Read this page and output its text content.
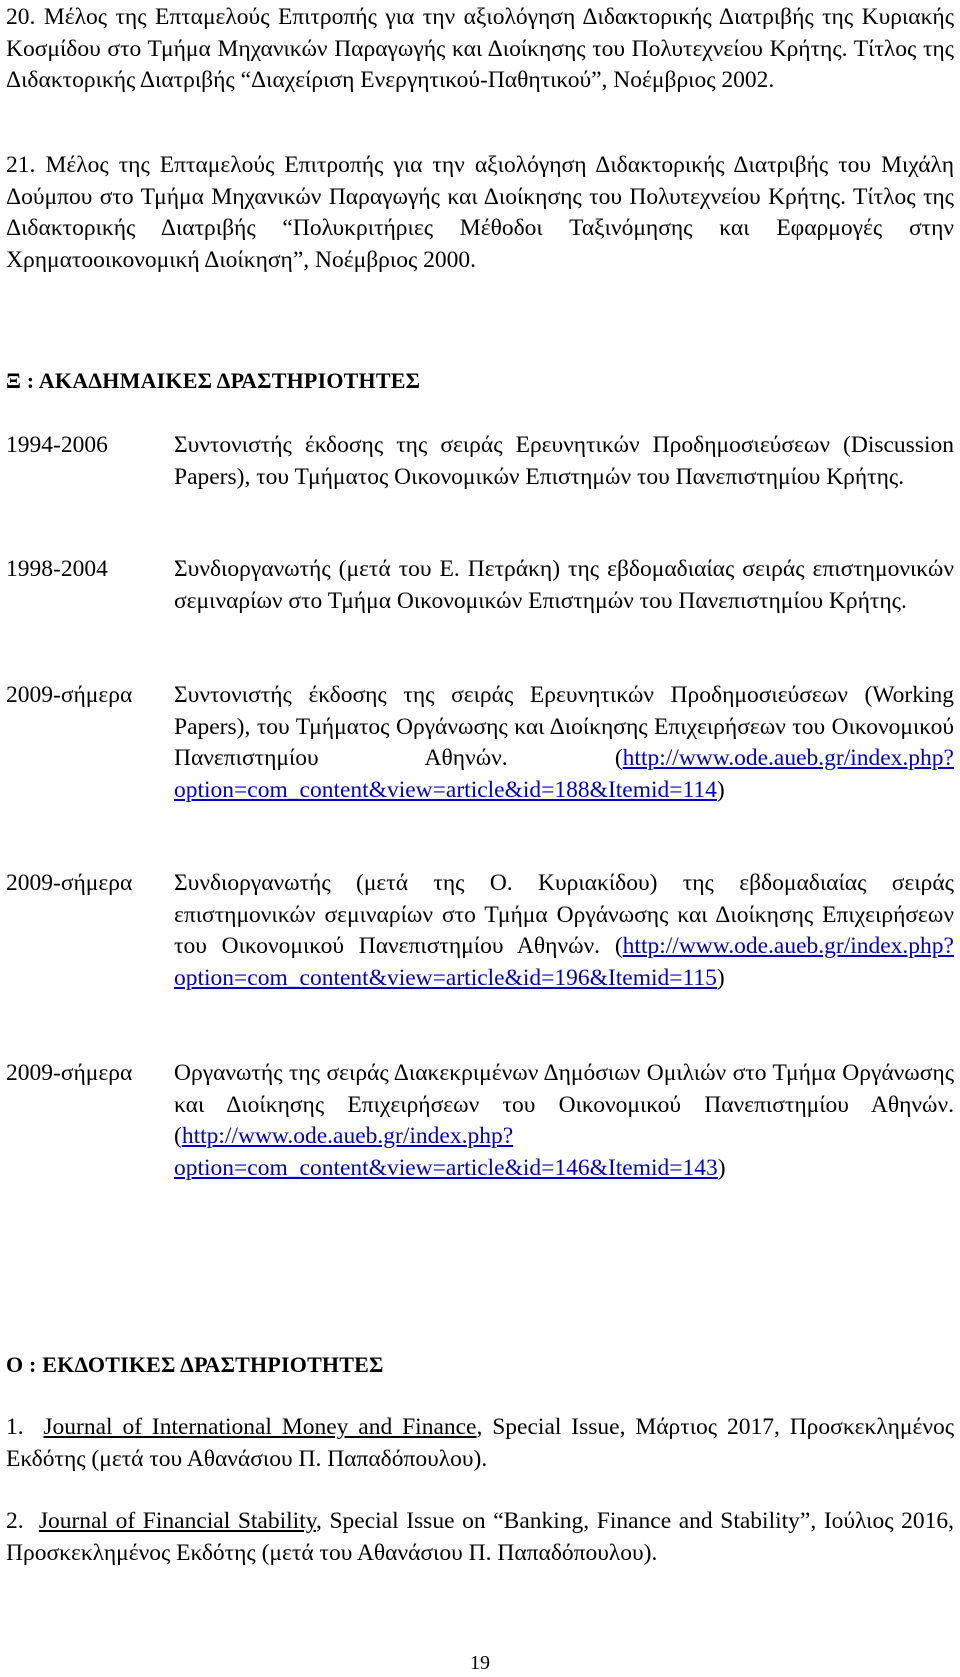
20. Μέλος της Επταμελούς Επιτροπής για την αξιολόγηση Διδακτορικής Διατριβής της Κυριακής Κοσμίδου στο Τμήμα Μηχανικών Παραγωγής και Διοίκησης του Πολυτεχνείου Κρήτης. Τίτλος της Διδακτορικής Διατριβής “Διαχείριση Ενεργητικού-Παθητικού”, Νοέμβριος 2002.
21. Μέλος της Επταμελούς Επιτροπής για την αξιολόγηση Διδακτορικής Διατριβής του Μιχάλη Δούμπου στο Τμήμα Μηχανικών Παραγωγής και Διοίκησης του Πολυτεχνείου Κρήτης. Τίτλος της Διδακτορικής Διατριβής “Πολυκριτήριες Μέθοδοι Ταξινόμησης και Εφαρμογές στην Χρηματοοικονομική Διοίκηση”, Νοέμβριος 2000.
Ξ : ΑΚΑΔΗΜΑΙΚΕΣ ΔΡΑΣΤΗΡΙΟΤΗΤΕΣ
1994-2006	Συντονιστής έκδοσης της σειράς Ερευνητικών Προδημοσιεύσεων (Discussion Papers), του Τμήματος Οικονομικών Επιστημών του Πανεπιστημίου Κρήτης.
1998-2004	Συνδιοργανωτής (μετά του Ε. Πετράκη) της εβδομαδιαίας σειράς επιστημονικών σεμιναρίων στο Τμήμα Οικονομικών Επιστημών του Πανεπιστημίου Κρήτης.
2009-σήμερα	Συντονιστής έκδοσης της σειράς Ερευνητικών Προδημοσιεύσεων (Working Papers), του Τμήματος Οργάνωσης και Διοίκησης Επιχειρήσεων του Οικονομικού Πανεπιστημίου Αθηνών. (http://www.ode.aueb.gr/index.php?option=com_content&view=article&id=188&Itemid=114)
2009-σήμερα	Συνδιοργανωτής (μετά της Ο. Κυριακίδου) της εβδομαδιαίας σειράς επιστημονικών σεμιναρίων στο Τμήμα Οργάνωσης και Διοίκησης Επιχειρήσεων του Οικονομικού Πανεπιστημίου Αθηνών. (http://www.ode.aueb.gr/index.php?option=com_content&view=article&id=196&Itemid=115)
2009-σήμερα	Οργανωτής της σειράς Διακεκριμένων Δημόσιων Ομιλιών στο Τμήμα Οργάνωσης και Διοίκησης Επιχειρήσεων του Οικονομικού Πανεπιστημίου Αθηνών. (http://www.ode.aueb.gr/index.php?option=com_content&view=article&id=146&Itemid=143)
Ο : ΕΚΔΟΤΙΚΕΣ ΔΡΑΣΤΗΡΙΟΤΗΤΕΣ
1. Journal of International Money and Finance, Special Issue, Μάρτιος 2017, Προσκεκλημένος Εκδότης (μετά του Αθανάσιου Π. Παπαδόπουλου).
2. Journal of Financial Stability, Special Issue on “Banking, Finance and Stability”, Ιούλιος 2016, Προσκεκλημένος Εκδότης (μετά του Αθανάσιου Π. Παπαδόπουλου).
19
